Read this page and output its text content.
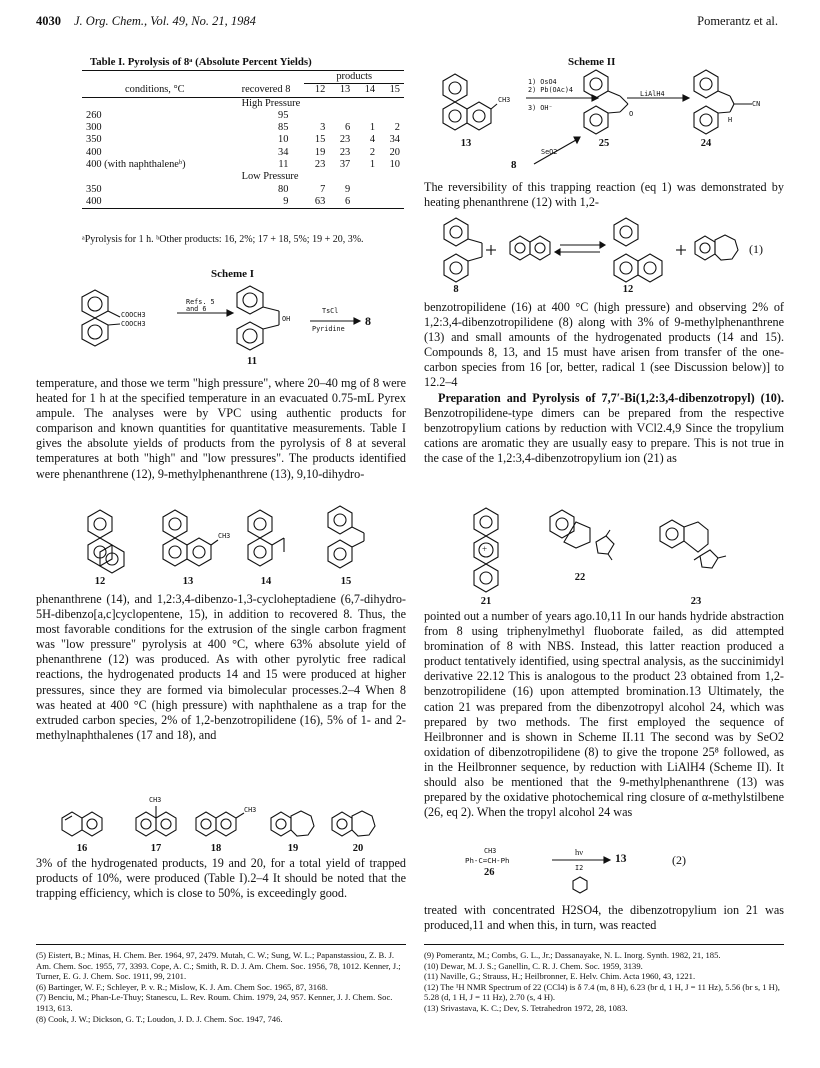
4030 J. Org. Chem., Vol. 49, No. 21, 1984	Pomerantz et al.
Table I. Pyrolysis of 8ᵃ (Absolute Percent Yields)
		products			
conditions, °C	recovered 8	12	13	14	15
	High Pressure				
260	95				
300	85	3	6	1	2
350	10	15	23	4	34
400	34	19	23	2	20
400 (with naphthaleneᵇ)	11	23	37	1	10
	Low Pressure				
350	80	7	9		
400	9	63	6		

ᵃPyrolysis for 1 h. ᵇOther products: 16, 2%; 17 + 18, 5%; 19 + 20, 3%.
Scheme I
COOCH3
COOCH3
Refs. 5
and 6
OH
TsCl
Pyridine
8
11

temperature, and those we term "high pressure", where 20–40 mg of 8 were heated for 1 h at the specified temperature in an evacuated 0.75-mL Pyrex ampule. The analyses were by VPC using authentic products for comparison and known quantities for quantitative measurements. Table I gives the absolute yields of products from the pyrolysis of 8 at several temperatures at both "high" and "low pressures". The products identified were phenanthrene (12), 9-methylphenanthrene (13), 9,10-dihydro-

CH3
12	13	14	15

phenanthrene (14), and 1,2:3,4-dibenzo-1,3-cycloheptadiene (6,7-dihydro-5H-dibenzo[a,c]cyclopentene, 15), in addition to recovered 8. Thus, the most favorable conditions for the extrusion of the single carbon fragment was "low pressure" pyrolysis at 400 °C, where 63% absolute yield of phenanthrene (12) was produced. As with other pyrolytic free radical reactions, the hydrogenated products 14 and 15 were produced at higher pressures, since they are formed via bimolecular processes.2–4 When 8 was heated at 400 °C (high pressure) with naphthalene as a trap for the extruded carbon species, 2% of 1,2-benzotropilidene (16), 5% of 1- and 2-methylnaphthalenes (17 and 18), and

CH3
CH3
16	17	18	19	20

3% of the hydrogenated products, 19 and 20, for a total yield of trapped products of 10%, were produced (Table I).2–4 It should be noted that the trapping efficiency, which is close to 50%, is exceedingly good.

Scheme II
CH3
1) OsO4
2) Pb(OAc)4
3) OH⁻
O
LiAlH4
CN
H
SeO2
8
13	25	24

The reversibility of this trapping reaction (eq 1) was demonstrated by heating phenanthrene (12) with 1,2-

8	12
(1)

benzotropilidene (16) at 400 °C (high pressure) and observing 2% of 1,2:3,4-dibenzotropilidene (8) along with 3% of 9-methylphenanthrene (13) and small amounts of the hydrogenated products (14 and 15). Compounds 8, 13, and 15 must have arisen from transfer of the one-carbon species from 16 [or, better, radical 1 (see Discussion below)] to 12.2–4

Preparation and Pyrolysis of 7,7′-Bi(1,2:3,4-dibenzotropyl) (10). Benzotropilidene-type dimers can be prepared from the respective benzotropylium cations by reduction with VCl2.4,9 Since the tropylium cations are aromatic they are usually easy to prepare. This is not true in the case of the 1,2:3,4-dibenzotropylium ion (21) as

+
21
22
23

pointed out a number of years ago.10,11 In our hands hydride abstraction from 8 using triphenylmethyl fluoborate failed, as did attempted bromination of 8 with NBS. Instead, this latter reaction produced a product tentatively identified, using spectral analysis, as the succinimidyl derivative 22.12 This is analogous to the product 23 obtained from 1,2-benzotropilidene (16) upon attempted bromination.13 Ultimately, the cation 21 was prepared from the dibenzotropyl alcohol 24, which was prepared by two methods. The first employed the sequence of Heilbronner and is shown in Scheme II.11 The second was by SeO2 oxidation of dibenzotropilidene (8) to give the tropone 25⁸ followed, as in the Heilbronner sequence, by reduction with LiAlH4 (Scheme II). It should also be mentioned that the 9-methylphenanthrene (13) was prepared by the oxidative photochemical ring closure of α-methylstilbene (26, eq 2). When the tropyl alcohol 24 was

CH3
Ph-C=CH-Ph
hν
I2
13
26
(2)

treated with concentrated H2SO4, the dibenzotropylium ion 21 was produced,11 and when this, in turn, was reacted

(5) Eistert, B.; Minas, H. Chem. Ber. 1964, 97, 2479. Mutah, C. W.; Sung, W. L.; Papanstassiou, Z. B. J. Am. Chem. Soc. 1955, 77, 3393. Cope, A. C.; Smith, R. D. J. Am. Chem. Soc. 1956, 78, 1012. Kenner, J.; Turner, E. G. J. Chem. Soc. 1911, 99, 2101.
(6) Bartinger, W. F.; Schleyer, P. v. R.; Mislow, K. J. Am. Chem Soc. 1965, 87, 3168.
(7) Benciu, M.; Phan-Le-Thuy; Stanescu, L. Rev. Roum. Chim. 1979, 24, 957. Kenner, J. J. Chem. Soc. 1913, 613.
(8) Cook, J. W.; Dickson, G. T.; Loudon, J. D. J. Chem. Soc. 1947, 746.
(9) Pomerantz, M.; Combs, G. L., Jr.; Dassanayake, N. L. Inorg. Synth. 1982, 21, 185.
(10) Dewar, M. J. S.; Ganellin, C. R. J. Chem. Soc. 1959, 3139.
(11) Naville, G.; Strauss, H.; Heilbronner, E. Helv. Chim. Acta 1960, 43, 1221.
(12) The ¹H NMR Spectrum of 22 (CCl4) is δ 7.4 (m, 8 H), 6.23 (br d, 1 H, J = 11 Hz), 5.56 (br s, 1 H), 5.28 (d, 1 H, J = 11 Hz), 2.70 (s, 4 H).
(13) Srivastava, K. C.; Dev, S. Tetrahedron 1972, 28, 1083.
